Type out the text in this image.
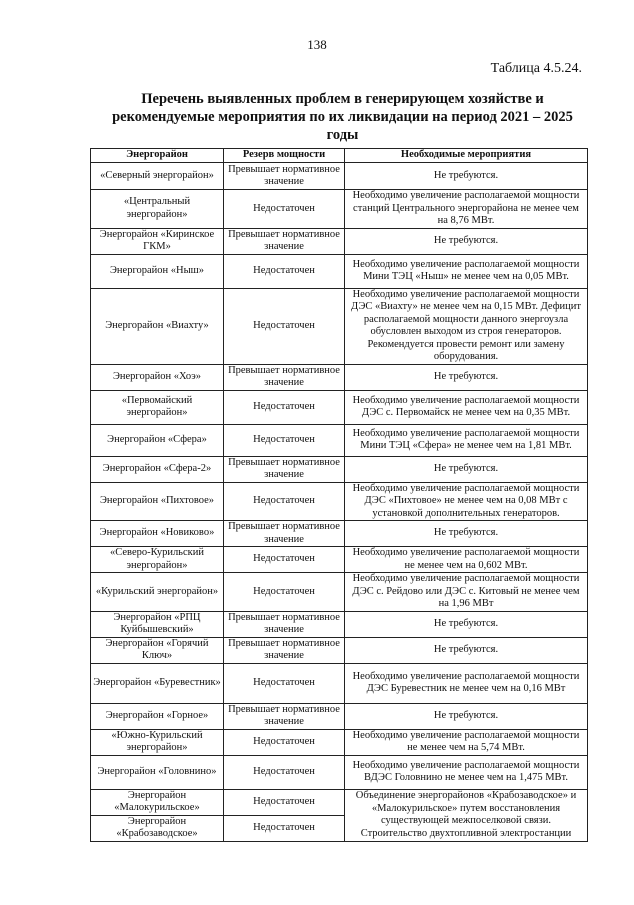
138
Таблица 4.5.24.
Перечень выявленных проблем в генерирующем хозяйстве и
рекомендуемые мероприятия по их ликвидации на период 2021 – 2025
годы
Энергорайон	Резерв мощности	Необходимые мероприятия
«Северный энергорайон»	Превышает нормативное значение	Не требуются.
«Центральный энергорайон»	Недостаточен	Необходимо увеличение располагаемой мощности станций Центрального энергорайона не менее чем на 8,76 МВт.
Энергорайон «Киринское ГКМ»	Превышает нормативное значение	Не требуются.
Энергорайон «Ныш»	Недостаточен	Необходимо увеличение располагаемой мощности Мини ТЭЦ «Ныш» не менее чем на 0,05 МВт.
Энергорайон «Виахту»	Недостаточен	Необходимо увеличение располагаемой мощности ДЭС «Виахту» не менее чем на 0,15 МВт. Дефицит располагаемой мощности данного энергоузла обусловлен выходом из строя генераторов. Рекомендуется провести ремонт или замену оборудования.
Энергорайон «Хоэ»	Превышает нормативное значение	Не требуются.
«Первомайский энергорайон»	Недостаточен	Необходимо увеличение располагаемой мощности ДЭС с. Первомайск не менее чем на 0,35 МВт.
Энергорайон «Сфера»	Недостаточен	Необходимо увеличение располагаемой мощности Мини ТЭЦ «Сфера» не менее чем на 1,81 МВт.
Энергорайон «Сфера-2»	Превышает нормативное значение	Не требуются.
Энергорайон «Пихтовое»	Недостаточен	Необходимо увеличение располагаемой мощности ДЭС «Пихтовое» не менее чем на 0,08 МВт с установкой дополнительных генераторов.
Энергорайон «Новиково»	Превышает нормативное значение	Не требуются.
«Северо-Курильский энергорайон»	Недостаточен	Необходимо увеличение располагаемой мощности не менее чем на 0,602 МВт.
«Курильский энергорайон»	Недостаточен	Необходимо увеличение располагаемой мощности ДЭС с. Рейдово или ДЭС с. Китовый не менее чем на 1,96 МВт
Энергорайон «РПЦ Куйбышевский»	Превышает нормативное значение	Не требуются.
Энергорайон «Горячий Ключ»	Превышает нормативное значение	Не требуются.
Энергорайон «Буревестник»	Недостаточен	Необходимо увеличение располагаемой мощности ДЭС Буревестник не менее чем на 0,16 МВт
Энергорайон «Горное»	Превышает нормативное значение	Не требуются.
«Южно-Курильский энергорайон»	Недостаточен	Необходимо увеличение располагаемой мощности не менее чем на 5,74 МВт.
Энергорайон «Головнино»	Недостаточен	Необходимо увеличение располагаемой мощности ВДЭС Головнино не менее чем на 1,475 МВт.
Энергорайон «Малокурильское»	Недостаточен	Объединение энергорайонов «Крабозаводское» и «Малокурильское» путем восстановления существующей межпоселковой связи. Строительство двухтопливной электростанции
Энергорайон «Крабозаводское»	Недостаточен	
